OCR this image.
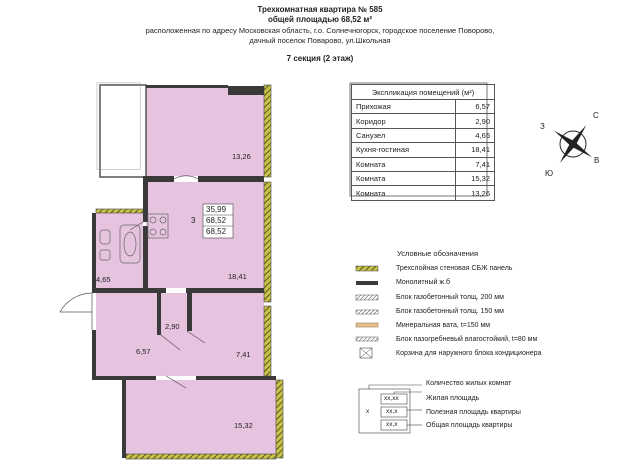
Трехкомнатная квартира № 585
общей площадью 68,52 м²
расположенная по адресу Московская область, г.о. Солнечногорск, городское поселение Поворово,
дачный поселок Поварово, ул.Школьная
7 секция (2 этаж)
13,26
18,41
4,65
2,90
6,57	7,41
15,32
3
35,99
68,52
68,52
Экспликация помещений (м²)	
Прихожая	6,57
Коридор	2,90
Санузел	4,65
Кухня-гостиная	18,41
Комната	7,41
Комната	15,32
Комната	13,26
С
Ю
В
З
Условные обозначения
Трехслойная стеновая СБЖ панель
Монолитный ж.б
Блок газобетонный толщ. 200 мм
Блок газобетонный толщ. 150 мм
Минеральная вата, t=150 мм
Блок пазогребневый влагостойкий, t=80 мм
Корзина для наружного блока кондиционера
x
xx,xx
xx,x
xx,x
Количество жилых комнат
Жилая площадь
Полезная площадь квартиры
Общая площадь квартиры
